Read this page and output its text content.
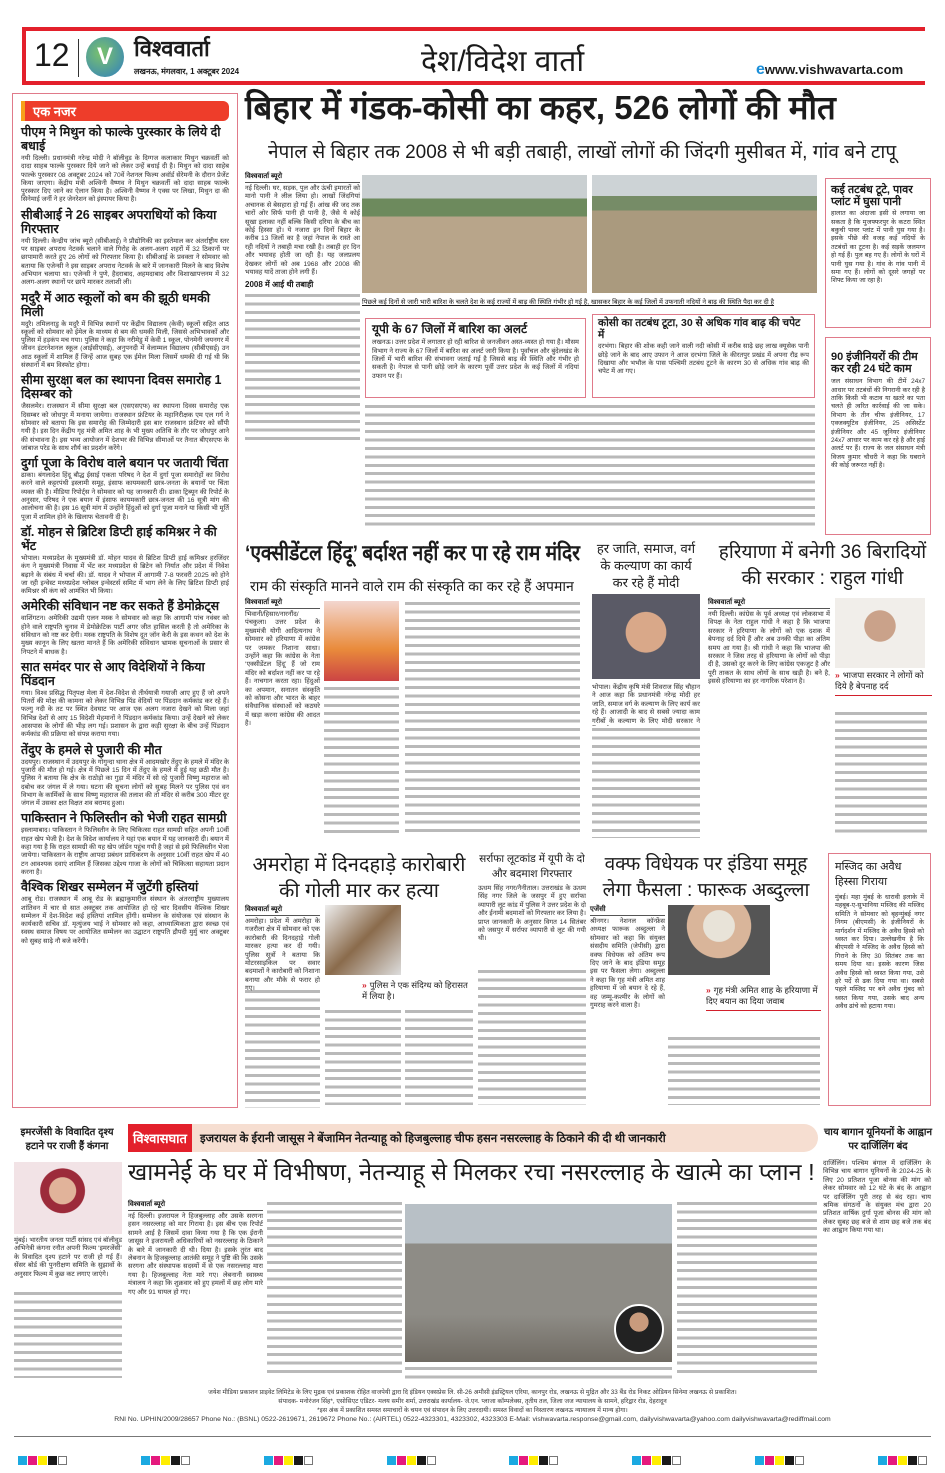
12	V विश्ववार्ता
लखनऊ, मंगलवार, 1 अक्टूबर 2024	देश/विदेश वार्ता	ewww.vishwavarta.com
एक नजर
पीएम ने मिथुन को फाल्के पुरस्कार के लिये दी बधाई

नयी दिल्ली। प्रधानमंत्री नरेन्द्र मोदी ने बॉलीवुड के दिग्गज कलाकार मिथुन चक्रवर्ती को दादा साहब फाल्के पुरस्कार दिये जाने को लेकर उन्हें बधाई दी है। मिथुन को दादा साहेब फाल्के पुरस्कार 08 अक्टूबर 2024 को 70वें नेशनल फिल्म अवॉर्ड सेरेमनी के दौरान प्रेजेंट किया जाएगा। केंद्रीय मंत्री अश्विनी वैष्णव ने मिथुन चक्रवर्ती को दादा साहब फाल्के पुरस्कार दिए जाने का ऐलान किया है। अश्विनी वैष्णव ने एक्स पर लिखा, मिथुन दा की सिनेमाई जर्नी ने हर जेनरेशन को इंस्पायर किया है।

सीबीआई ने 26 साइबर अपराधियों को किया गिरफ्तार

नयी दिल्ली। केन्द्रीय जांच ब्यूरो (सीबीआई) ने प्रौद्योगिकी का इस्तेमाल कर अंतर्राष्ट्रीय स्तर पर साइबर अपराध नेटवर्क चलाने वाले गिरोह के अलग-अलग शहरों में 32 ठिकानों पर छापामारी करते हुए 26 लोगों को गिरफ्तार किया है। सीबीआई के प्रवक्ता ने सोमवार को बताया कि एजेन्सी ने इस साइबर अपराध नेटवर्क के बारे में जानकारी मिलने के बाद विशेष अभियान चलाया था। एजेन्सी ने पुणे, हैदराबाद, अहमदाबाद और विशाखापत्तनम में 32 अलग-अलग स्थानों पर छापे मारकर तलाशी ली।

मदुरै में आठ स्कूलों को बम की झूठी धमकी मिली

मदुरै। तमिलनाडु के मदुरै में विभिन्न स्थानों पर केंद्रीय विद्यालय (केवी) स्कूलों सहित आठ स्कूलों को सोमवार को ईमेल के माध्यम से बम की धमकी मिली, जिससे अभिभावकों और पुलिस में हड़कंप मच गया। पुलिस ने कहा कि नरीमेडु में केवी 1 स्कूल, पोनमेनी जयनगर में जीवन इंटरनेशनल स्कूल (आईसीएसई), अनुपनदी में वेलाम्मल विद्यालय (सीबीएसई) उन आठ स्कूलों में शामिल हैं जिन्हें आज सुबह एक ईमेल मिला जिसमें धमकी दी गई थी कि संस्थानों में बम विस्फोट होगा।

सीमा सुरक्षा बल का स्थापना दिवस समारोह 1 दिसम्बर को

जैसलमेर। राजस्थान में सीमा सुरक्षा बल (एसएसएफ) का स्थापना दिवस समारोह एक दिसम्बर को जोधपुर में मनाया जायेगा। राजस्थान फ्रंटियर के महानिरीक्षक एम एल गर्ग ने सोमवार को बताया कि इस समारोह की जिम्मेदारी इस बार राजस्थान फ्रंटियर को सौंपी गयी है। इस दिन केंद्रीय गृह मंत्री अमित शाह के भी मुख्य अतिथि के तौर पर जोधपुर आने की संभावना है। इस भव्य आयोजन में देशभर की विभिन्न सीमाओं पर तैनात बीएसएफ के जांबाज परेड के साथ शौर्य का प्रदर्शन करेंगे।

दुर्गा पूजा के विरोध वाले बयान पर जतायी चिंता

ढाका। बंगलादेश हिंदू बौद्ध ईसाई एकता परिषद ने देश में दुर्गा पूजा समारोहों का विरोध करने वाले कट्टरपंथी इस्लामी समूह, इंसाफ कायमकारी छात्र-जनता के बयानों पर चिंता व्यक्त की है। मीडिया रिपोर्ट्स ने सोमवार को यह जानकारी दी। ढाका ट्रिब्यून की रिपोर्ट के अनुसार, परिषद ने एक बयान में इंसाफ कायमकारी छात्र-जनता की 16 सूत्री मांग की आलोचना की है। इस 16 सूत्री मांग में उन्होंने हिंदुओं को दुर्गा पूजा मनाने या किसी भी मूर्ति पूजा में शामिल होने के खिलाफ चेतावनी दी है।

डॉ. मोहन से ब्रिटिश डिप्टी हाई कमिश्नर ने की भेंट

भोपाल। मध्यप्रदेश के मुख्यमंत्री डॉ. मोहन यादव से ब्रिटिश डिप्टी हाई कमिश्नर हरजिंदर कंग ने मुख्यमंत्री निवास में भेंट कर मध्यप्रदेश से ब्रिटेन को निर्यात और प्रदेश में निवेश बढ़ाने के संबंध में चर्चा की। डॉ. यादव ने भोपाल में आगामी 7-8 फरवरी 2025 को होने जा रही इन्वेस्ट मध्यप्रदेश ग्लोबल इन्वेस्टर्स समिट में भाग लेने के लिए ब्रिटिश डिप्टी हाई कमिश्नर श्री कंग को आमंत्रित भी किया।

अमेरिकी संविधान नष्ट कर सकते हैं डेमोक्रेट्स

वाशिंगटन। अमेरिकी उद्यमी एलन मस्क ने सोमवार को कहा कि आगामी पांच नवंबर को होने वाले राष्ट्रपति चुनाव में डेमोक्रेटिक पार्टी अगर जीत हासिल करती है तो अमेरिका के संविधान को नष्ट कर देगी। मस्क राष्ट्रपति के विशेष दूत जॉन केरी के इस कथन को देश के मुख्य कानून के लिए खतरा मानते हैं कि अमेरिकी संविधान भ्रामक सूचनाओं के प्रसार से निपटने में बाधक है।

सात समंदर पार से आए विदेशियों ने किया पिंडदान

गया। विश्व प्रसिद्ध पितृपक्ष मेला में देश-विदेश से तीर्थयात्री गयाजी आए हुए हैं जो अपने पितरों की मोक्ष की कामना को लेकर विभिन्न पिंड वेदियों पर पिंडदान कर्मकांड कर रहे हैं। फल्गु नदी के तट पर स्थित देवघाट पर आज एक अलग नजारा देखने को मिला जहां विभिन्न देशों से आए 15 विदेशी मेहमानों ने पिंडदान कर्मकांड किया। उन्हें देखने को लेकर आसपास के लोगों की भीड़ लग गई। प्रशासन के द्वारा कड़ी सुरक्षा के बीच उन्हें पिंडदान कर्मकांड की प्रक्रिया को संपन्न कराया गया।

तेंदुए के हमले से पुजारी की मौत

उदयपुर। राजस्थान में उदयपुर के गोगुन्दा थाना क्षेत्र में आदमखोर तेंदुए के हमले में मंदिर के पुजारी की मौत हो गई। क्षेत्र में पिछले 15 दिन में तेंदुए के हमले में हुई यह छठी मौत है। पुलिस ने बताया कि क्षेत्र के राठोड़ो का गुड़ा में मंदिर में सो रहे पुजारी विष्णु महाराज को दबोच कर जंगल में ले गया। घटना की सूचना लोगों को सुबह मिलने पर पुलिस एवं वन विभाग के कार्मिकों के साथ विष्णु महाराज की तलाश की तो मंदिर से करीब 300 मीटर दूर जंगल में उसका क्षत विक्षत शव बरामद हुआ।

पाकिस्तान ने फिलिस्तीन को भेजी राहत सामग्री

इस्लामाबाद। पाकिस्तान ने फिलिस्तीन के लिए चिकित्सा राहत सामग्री सहित अपनी 10वीं राहत खेप भेजी है। देश के विदेश कार्यालय ने यहां एक बयान में यह जानकारी दी। बयान में कहा गया है कि राहत सामग्री की यह खेप जॉर्डन पहुंच गयी है जहां से इसे फिलिस्तीन भेजा जायेगा। पाकिस्तान के राष्ट्रीय आपदा प्रबंधन प्राधिकरण के अनुसार 10वीं राहत खेप में 40 टन आवश्यक दवाएं शामिल हैं जिसका उद्देश्य गाजा के लोगों को चिकित्सा सहायता प्रदान करना है।

वैश्विक शिखर सम्मेलन में जुटेंगी हस्तियां

आबू रोड। राजस्थान में आबू रोड के ब्रह्माकुमारीज संस्थान के अंतरराष्ट्रीय मुख्यालय शांतिवन में चार से सात अक्टूबर तक आयोजित हो रहे चार दिवसीय वैश्विक शिखर सम्मेलन में देश-विदेश कई हस्तियां शामिल होंगी। सम्मेलन के संयोजक एवं संस्थान के कार्यकारी सचिव डॉ. मृत्युंजय भाई ने सोमवार को कहा, आध्यात्मिकता द्वारा स्वच्छ एवं स्वस्थ समाज विषय पर आयोजित सम्मेलन का उद्घाटन राष्ट्रपति द्रौपदी मुर्मु चार अक्टूबर को सुबह साढ़े नौ बजे करेंगी।

बिहार में गंडक-कोसी का कहर, 526 लोगों की मौत
नेपाल से बिहार तक 2008 से भी बड़ी तबाही, लाखों लोगों की जिंदगी मुसीबत में, गांव बने टापू
विश्ववार्ता ब्यूरो
नई दिल्ली। घर, सड़क, पुल और ऊंची इमारतों को मानो पानी ने लील लिया हो। लाखों जिंदगियां अचानक से बेसहारा हो गई हैं। आंख की जद तक चारों ओर सिर्फ पानी ही पानी है, जैसे ये कोई सूखा इलाका नहीं बल्कि किसी दरिया के बीच का कोई हिस्सा हो। ये नजारा इन दिनों बिहार के करीब 13 जिलों का है जहां नेपाल के रास्ते आ रही नदियों ने तबाही मचा रखी है। तबाही हर दिन और भयावह होती जा रही है। यह जलप्रलय देखकर लोगों को अब 1968 और 2008 की भयावह यादें ताजा होने लगी हैं।
2008 में आई थी तबाही
पिछले कई दिनों से जारी भारी बारिश के चलते देश के कई राज्यों में बाढ़ की स्थिति गंभीर हो गई है, खासकर बिहार के कई जिलों में उफनाती नदियों ने बाढ़ की स्थिति पैदा कर दी है
यूपी के 67 जिलों में बारिश का अलर्ट
लखनऊ। उत्तर प्रदेश में लगातार हो रही बारिश से जनजीवन अस्त-व्यस्त हो गया है। मौसम विभाग ने राज्य के 67 जिलों में बारिश का अलर्ट जारी किया है। पूर्वांचल और बुंदेलखंड के जिलों में भारी बारिश की संभावना जताई गई है जिससे बाढ़ की स्थिति और गंभीर हो सकती है। नेपाल से पानी छोड़े जाने के कारण पूर्वी उत्तर प्रदेश के कई जिलों में नदियां उफान पर हैं।
कोसी का तटबंध टूटा, 30 से अधिक गांव बाढ़ की चपेट में
दरभंगा। बिहार की शोक कही जाने वाली नदी कोसी में करीब साढ़े छह लाख क्यूसेक पानी छोड़े जाने के बाद आए उफान ने आज दरभंगा जिले के कीरतपुर प्रखंड में अपना रौद्र रूप दिखाया और भभौल के पास पश्चिमी तटबंध टूटने के कारण 30 से अधिक गांव बाढ़ की चपेट में आ गए।
कई तटबंध टूटे, पावर प्लांट में घुसा पानी
हालात का अंदाजा इसी से लगाया जा सकता है कि मुजफ्फरपुर के कटरा स्थित बकुची पावर प्लांट में पानी घुस गया है। इसके पीछे की वजह कई नदियों के तटबंधों का टूटना है। कई सड़कें जलमग्न हो गई हैं। पुल बह गए हैं। लोगों के घरों में पानी घुस गया है। गांव के गांव पानी में समा गए हैं। लोगों को दूसरे जगहों पर शिफ्ट किया जा रहा है।
90 इंजीनियरों की टीम कर रही 24 घंटे काम
जल संसाधन विभाग की टीमें 24x7 आधार पर तटबंधों की निगरानी कर रही है ताकि किसी भी कटाव या खतरे का पता चलते ही त्वरित कार्रवाई की जा सके। विभाग के तीन चीफ इंजीनियर, 17 एक्जक्यूटिव इंजीनियर, 25 असिस्टेंट इंजीनियर और 45 जूनियर इंजीनियर 24x7 आधार पर काम कर रहे है और हाई अलर्ट पर हैं। राज्य के जल संसाधन मंत्री विजय कुमार चौधरी ने कहा कि घबराने की कोई जरूरत नहीं है।
‘एक्सीडेंटल हिंदू’ बर्दाश्त नहीं कर पा रहे राम मंदिर
राम की संस्कृति मानने वाले राम की संस्कृति का कर रहे हैं अपमान
विश्ववार्ता ब्यूरो
भिवानी/हिसार/नारनौंद/पंचकुला। उत्तर प्रदेश के मुख्यमंत्री योगी आदित्यनाथ ने सोमवार को हरियाणा में कांग्रेस पर जमकर निशाना साधा। उन्होंने कहा कि कांग्रेस के नेता ‘एक्सीडेंटल हिंदू’ हैं जो राम मंदिर को बर्दाश्त नहीं कर पा रहे हैं। नाचगान करता रहा। हिंदुओं का अपमान, सनातन संस्कृति को कोसना और भारत के बाहर संवैधानिक संस्थाओं को कठघरे में खड़ा करना कांग्रेस की आदत है।
हर जाति, समाज, वर्ग के कल्याण का कार्य कर रहे हैं मोदी
भोपाल। केंद्रीय कृषि मंत्री शिवराज सिंह चौहान ने आज कहा कि प्रधानमंत्री नरेन्द्र मोदी हर जाति, समाज वर्ग के कल्याण के लिए कार्य कर रहे हैं। आजादी के बाद से सबसे ज्यादा काम गरीबों के कल्याण के लिए मोदी सरकार ने
हरियाणा में बनेगी 36 बिरादियों की सरकार : राहुल गांधी
विश्ववार्ता ब्यूरो
नयी दिल्ली। कांग्रेस के पूर्व अध्यक्ष एवं लोकसभा में विपक्ष के नेता राहुल गांधी ने कहा है कि भाजपा सरकार ने हरियाणा के लोगों को एक दशक में बेपनाह दर्द दिये हैं और अब उनकी पीड़ा का अंतिम समय आ गया है। श्री गांधी ने कहा कि भाजपा की सरकार ने जिस तरह से हरियाणा के लोगों को पीड़ा दी है, उसको दूर करने के लिए कांग्रेस एकजुट है और पूरी ताकत के साथ लोगों के साथ खड़ी है। बने है, इससे हरियाणा का हर नागरिक परेशान है।
» भाजपा सरकार ने लोगों को दिये है बेपनाह दर्द
अमरोहा में दिनदहाड़े कारोबारी की गोली मार कर हत्या
विश्ववार्ता ब्यूरो
अमरोहा। प्रदेश में अमरोहा के गजरौला क्षेत्र में सोमवार को एक कारोबारी की दिनदहाड़े गोली मारकर हत्या कर दी गयी। पुलिस सूत्रों ने बताया कि मोटरसाइकिल पर सवार बदमाशों ने कारोबारी को निशाना बनाया और मौके से फरार हो गए।	» पुलिस ने एक संदिग्ध को हिरासत में लिया है।
सर्राफा लूटकांड में यूपी के दो और बदमाश गिरफ्तार
ऊधम सिंह नगर/नैनीताल। उत्तराखंड के ऊधम सिंह नगर जिले के जसपुर में हुए सर्राफा व्यापारी लूट कांड में पुलिस ने उत्तर प्रदेश के दो और ईनामी बदमाशों को गिरफ्तार कर लिया है। प्राप्त जानकारी के अनुसार विगत 14 सितंबर को जसपुर में सर्राफा व्यापारी से लूट की गयी थी।
वक्फ विधेयक पर इंडिया समूह लेगा फैसला : फारूक अब्दुल्ला
एजेंसी
श्रीनगर। नेशनल कॉन्फ्रेंस अध्यक्ष फारूक अब्दुल्ला ने सोमवार को कहा कि संयुक्त संसदीय समिति (जेपीसी) द्वारा वक्फ विधेयक को अंतिम रूप दिए जाने के बाद इंडिया समूह इस पर फैसला लेगा। अब्दुल्ला ने कहा कि गृह मंत्री अमित शाह हरियाणा में जो बयान दे रहे हैं, वह जम्मू-कश्मीर के लोगों को गुमराह करने वाला है।
» गृह मंत्री अमित शाह के हरियाणा में दिए बयान का दिया जवाब
मस्जिद का अवैध हिस्सा गिराया
मुंबई। महा मुंबई के धारावी इलाके में महबूब-ए-सुभानिया मस्जिद की मस्जिद समिति ने सोमवार को बृहन्मुंबई नगर निगम (बीएमसी) के इंजीनियरों के मार्गदर्शन में मस्जिद के अवैध हिस्से को ध्वस्त कर दिया। उल्लेखनीय है कि बीएमसी ने मस्जिद के अवैध हिस्से को गिराने के लिए 30 सितंबर तक का समय दिया था। इसके कारण जिस अवैध हिस्से को ध्वस्त किया गया, उसे हरे पर्दे से ढक दिया गया था। सबसे पहले मस्जिद पर बने अवैध गुंबद को ध्वस्त किया गया, उसके बाद अन्य अवैध ढांचे को हटाया गया।
इमरजेंसी के विवादित दृश्य हटाने पर राजी हैं कंगना
मुंबई। भारतीय जनता पार्टी सांसद एवं बॉलीवुड अभिनेत्री कंगना रनौत अपनी फिल्म ‘इमरजेंसी’ के विवादित दृश्य हटाने पर राजी हो गई हैं। सेंसर बोर्ड की पुनरीक्षण समिति के सुझावों के अनुसार फिल्म में कुछ कट लगाए जाएंगे।
विश्वासघात	इजरायल के ईरानी जासूस ने बेंजामिन नेतन्याहू को हिजबुल्लाह चीफ हसन नसरल्लाह के ठिकाने की दी थी जानकारी
खामनेई के घर में विभीषण, नेतन्याहू से मिलकर रचा नसरल्लाह के खात्मे का प्लान !
विश्ववार्ता ब्यूरो
नई दिल्ली। इजरायल ने हिजबुल्लाह और उसके सरगना हसन नसरल्लाह को मार गिराया है। इस बीच एक रिपोर्ट सामने आई है जिसमें दावा किया गया है कि एक ईरानी जासूस ने इजरायली अधिकारियों को नसरल्लाह के ठिकाने के बारे में जानकारी दी थी। दिया है। इसके तुरंत बाद लेबनान के हिजबुल्लाह आतंकी समूह ने पुष्टि की कि उसके सरगना और संस्थापक सदस्यों में से एक नसरल्लाह मारा गया है। हिजबुल्लाह नेता मारे गए। लेबनानी स्वास्थ्य मंत्रालय ने कहा कि शुक्रवार को हुए हमलों में छह लोग मारे गए और 91 घायल हो गए।
चाय बागान यूनियनों के आह्वान पर दार्जिलिंग बंद
दार्जिलिंग। पश्चिम बंगाल में दार्जिलिंग के विभिन्न चाय बागान यूनियनों के 2024-25 के लिए 20 प्रतिशत पूजा बोनस की मांग को लेकर सोमवार को 12 घंटे के बंद के आह्वान पर दार्जिलिंग पूरी तरह से बंद रहा। चाय श्रमिक संगठनों के संयुक्त मंच द्वारा 20 प्रतिशत वार्षिक दुर्गा पूजा बोनस की मांग को लेकर सुबह छह बजे से शाम छह बजे तक बंद का आह्वान किया गया था।
जयेश मीडिया प्रकाशन प्राइवेट लिमिटेड के लिए मुद्रक एवं प्रकाशक रोहित वाजपेयी द्वारा दि इंडियन एक्सप्रेस लि. सी-26 अमौसी इंडस्ट्रियल एरिया, कानपुर रोड, लखनऊ से मुद्रित और 33 बैंड रोड निकट ओडियन सिनेमा लखनऊ से प्रकाशित।
संपादक- मनोरंजन सिंह*, एसोसिएट एडिटर- मलय समीर शर्मा, उत्तराखंड कार्यालय- जे.एन. प्लाजा कॉम्पलेक्स, तृतीय तल, जिला जज न्यायालय के सामने, हरिद्वार रोड, देहरादून
*इस अंक में प्रकाशित समस्त समाचारों के चयन एवं संपादन के लिए उत्तरदायी। समस्त विवादों का निस्तारण लखनऊ न्यायालय में मान्य होगा।
RNI No. UPHIN/2009/28657 Phone No.: (BSNL) 0522-2619671, 2619672 Phone No.: (AIRTEL) 0522-4323301, 4323302, 4323303 E-Mail: vishwavarta.response@gmail.com, dailyvishwavarta@yahoo.com dailyvishwavarta@rediffmail.com
